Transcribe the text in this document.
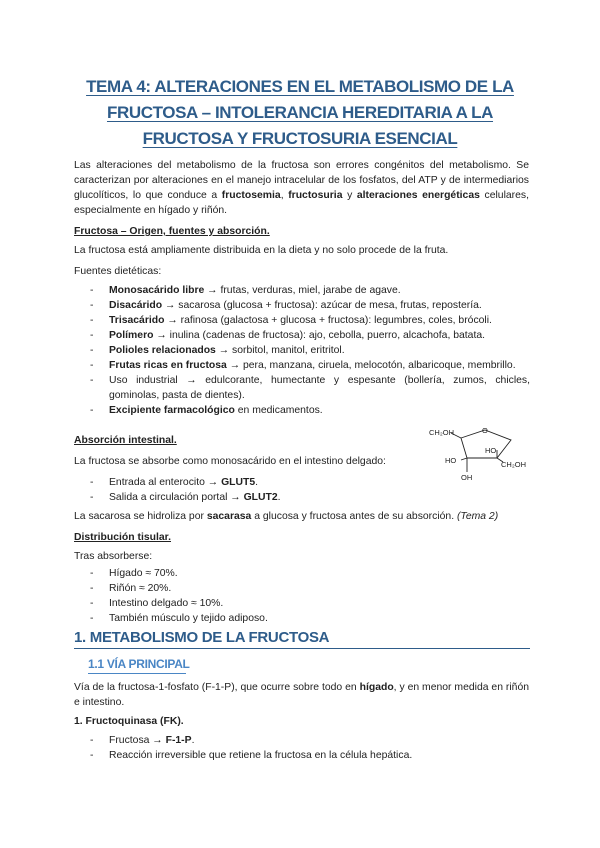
TEMA 4: ALTERACIONES EN EL METABOLISMO DE LA FRUCTOSA – INTOLERANCIA HEREDITARIA A LA FRUCTOSA Y FRUCTOSURIA ESENCIAL

Las alteraciones del metabolismo de la fructosa son errores congénitos del metabolismo. Se caracterizan por alteraciones en el manejo intracelular de los fosfatos, del ATP y de intermediarios glucolíticos, lo que conduce a fructosemia, fructosuria y alteraciones energéticas celulares, especialmente en hígado y riñón.

Fructosa – Origen, fuentes y absorción.

La fructosa está ampliamente distribuida en la dieta y no solo procede de la fruta.

Fuentes dietéticas:

- Monosacárido libre → frutas, verduras, miel, jarabe de agave.
- Disacárido → sacarosa (glucosa + fructosa): azúcar de mesa, frutas, repostería.
- Trisacárido → rafinosa (galactosa + glucosa + fructosa): legumbres, coles, brócoli.
- Polímero → inulina (cadenas de fructosa): ajo, cebolla, puerro, alcachofa, batata.
- Polioles relacionados → sorbitol, manitol, eritritol.
- Frutas ricas en fructosa → pera, manzana, ciruela, melocotón, albaricoque, membrillo.
- Uso industrial → edulcorante, humectante y espesante (bollería, zumos, chicles, gominolas, pasta de dientes).
- Excipiente farmacológico en medicamentos.
Absorción intestinal.

La fructosa se absorbe como monosacárido en el intestino delgado:

- Entrada al enterocito → GLUT5.
- Salida a circulación portal → GLUT2.
CH₂OH	O
HO
HO
CH₂OH
OH

La sacarosa se hidroliza por sacarasa a glucosa y fructosa antes de su absorción. (Tema 2)

Distribución tisular.

Tras absorberse:

- Hígado ≈ 70%.
- Riñón ≈ 20%.
- Intestino delgado ≈ 10%.
- También músculo y tejido adiposo.
1. METABOLISMO DE LA FRUCTOSA
1.1 VÍA PRINCIPAL

Vía de la fructosa-1-fosfato (F-1-P), que ocurre sobre todo en hígado, y en menor medida en riñón e intestino.

1. Fructoquinasa (FK).
- Fructosa → F-1-P.
- Reacción irreversible que retiene la fructosa en la célula hepática.
